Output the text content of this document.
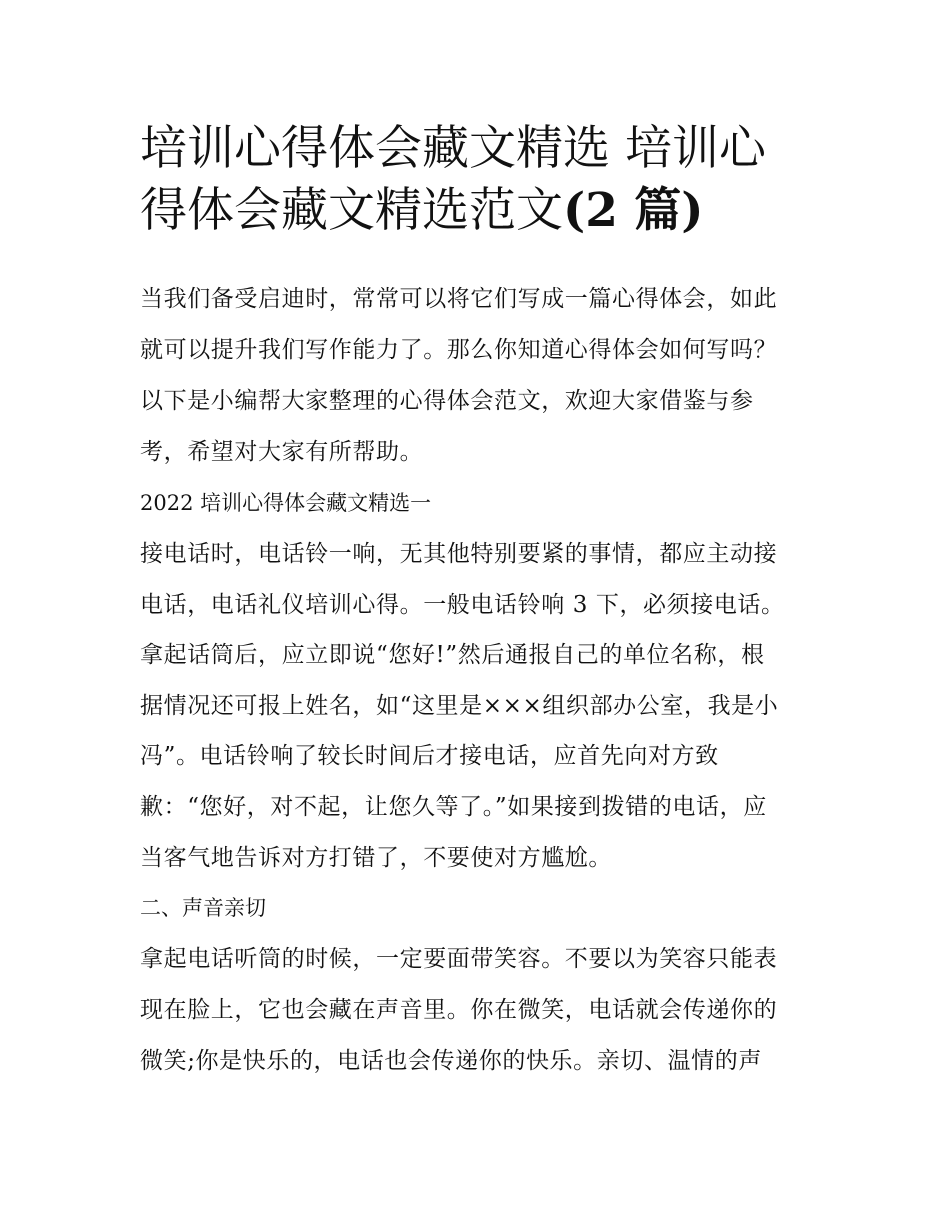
培训心得体会藏文精选 培训心
得体会藏文精选范文(2 篇)

当我们备受启迪时，常常可以将它们写成一篇心得体会，如此

就可以提升我们写作能力了。那么你知道心得体会如何写吗？

以下是小编帮大家整理的心得体会范文，欢迎大家借鉴与参

考，希望对大家有所帮助。

2022 培训心得体会藏文精选一

接电话时，电话铃一响，无其他特别要紧的事情，都应主动接

电话，电话礼仪培训心得。一般电话铃响 3 下，必须接电话。

拿起话筒后，应立即说“您好!”然后通报自己的单位名称，根

据情况还可报上姓名，如“这里是×××组织部办公室，我是小

冯”。电话铃响了较长时间后才接电话，应首先向对方致

歉：“您好，对不起，让您久等了。”如果接到拨错的电话，应

当客气地告诉对方打错了，不要使对方尴尬。

二、声音亲切

拿起电话听筒的时候，一定要面带笑容。不要以为笑容只能表

现在脸上，它也会藏在声音里。你在微笑，电话就会传递你的

微笑;你是快乐的，电话也会传递你的快乐。亲切、温情的声
